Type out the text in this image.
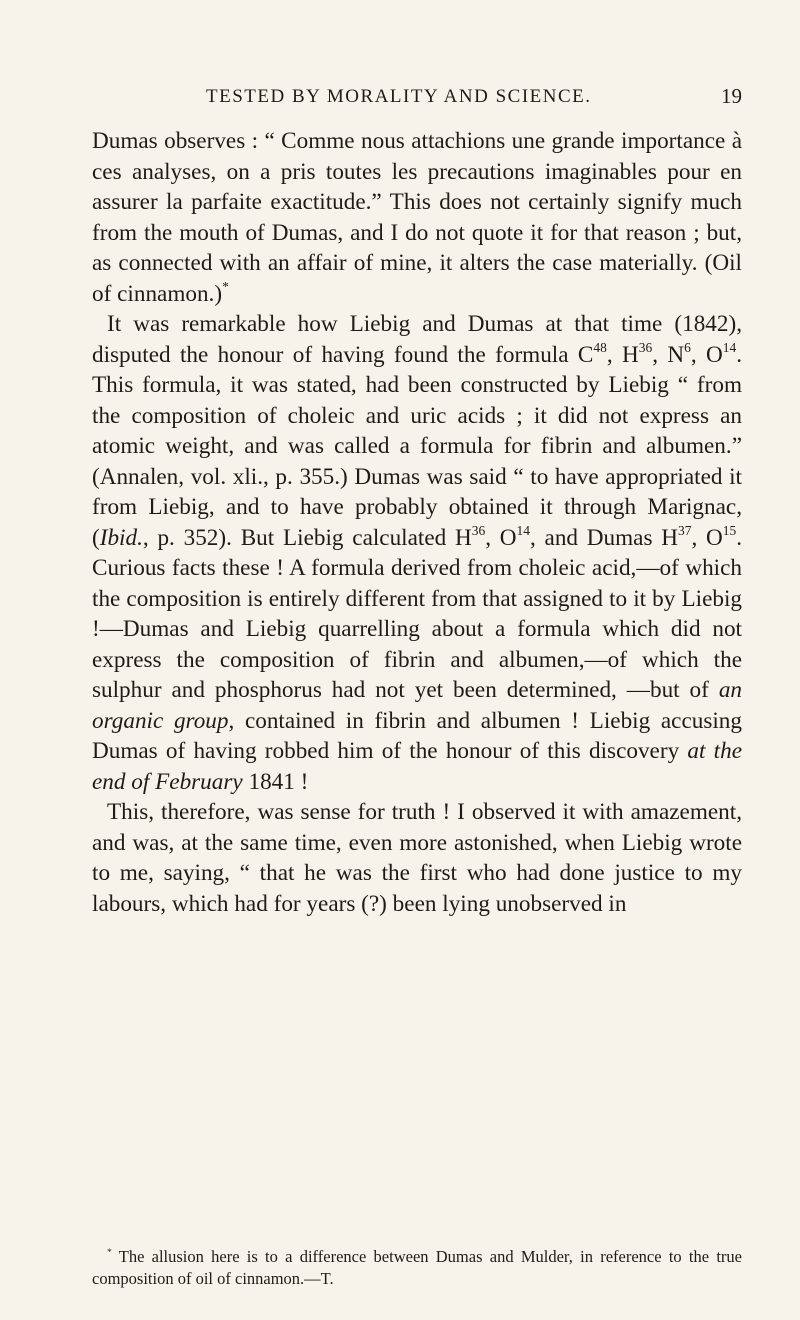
TESTED BY MORALITY AND SCIENCE.	19

Dumas observes : “ Comme nous attachions une grande importance à ces analyses, on a pris toutes les precautions imaginables pour en assurer la parfaite exactitude.” This does not certainly signify much from the mouth of Dumas, and I do not quote it for that reason ; but, as connected with an affair of mine, it alters the case materially. (Oil of cinnamon.)*

It was remarkable how Liebig and Dumas at that time (1842), disputed the honour of having found the formula $C^{48}$, $H^{36}$, $N^6$, $O^{14}$. This formula, it was stated, had been constructed by Liebig “ from the composition of choleic and uric acids ; it did not express an atomic weight, and was called a formula for fibrin and albumen.” (Annalen, vol. xli., p. 355.) Dumas was said “ to have appropriated it from Liebig, and to have probably obtained it through Marignac, (Ibid., p. 352). But Liebig calculated $H^{36}$, $O^{14}$, and Dumas $H^{37}$, $O^{15}$. Curious facts these ! A formula derived from choleic acid,—of which the composition is entirely different from that assigned to it by Liebig !—Dumas and Liebig quarrelling about a formula which did not express the composition of fibrin and albumen,—of which the sulphur and phosphorus had not yet been determined, —but of an organic group, contained in fibrin and albumen ! Liebig accusing Dumas of having robbed him of the honour of this discovery at the end of February 1841 !

This, therefore, was sense for truth ! I observed it with amazement, and was, at the same time, even more astonished, when Liebig wrote to me, saying, “ that he was the first who had done justice to my labours, which had for years (?) been lying unobserved in

* The allusion here is to a difference between Dumas and Mulder, in reference to the true composition of oil of cinnamon.—T.
